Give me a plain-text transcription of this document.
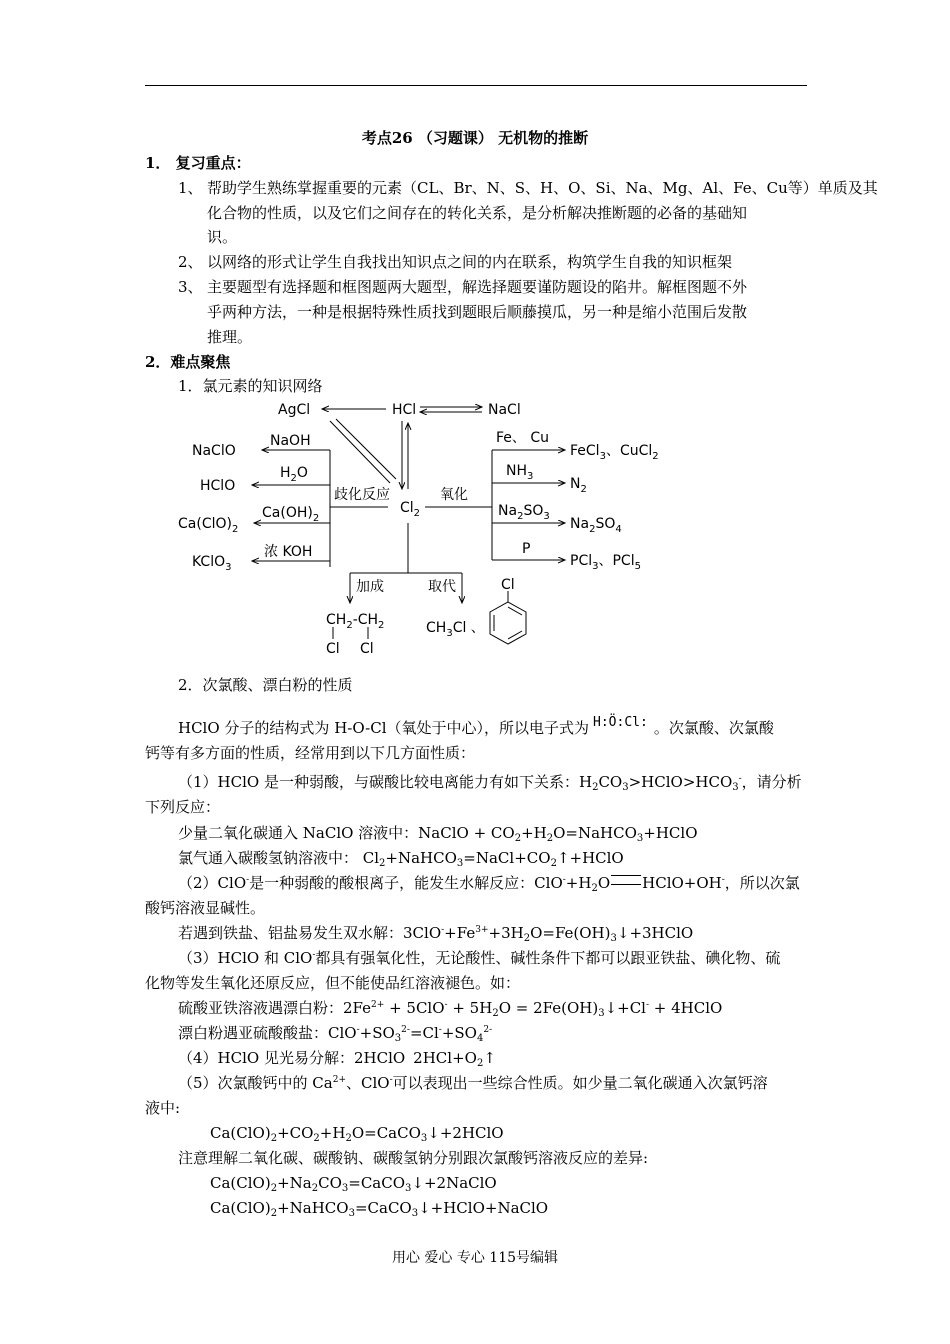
考点26 （习题课） 无机物的推断
1． 复习重点：
1、 帮助学生熟练掌握重要的元素（CL、Br、N、S、H、O、Si、Na、Mg、Al、Fe、Cu等）单质及其
化合物的性质，以及它们之间存在的转化关系，是分析解决推断题的必备的基础知
识。
2、 以网络的形式让学生自我找出知识点之间的内在联系，构筑学生自我的知识框架
3、 主要题型有选择题和框图题两大题型，解选择题要谨防题设的陷井。解框图题不外
乎两种方法，一种是根据特殊性质找到题眼后顺藤摸瓜，另一种是缩小范围后发散
推理。
2．难点聚焦
1．氯元素的知识网络
AgCl	HCl	NaCl
NaClO
NaOH
HClO
$H_2O$
$Ca(ClO)_2$
$Ca(OH)_2$
KClO$_3$
浓 KOH
歧化反应
$Cl_2$
氧化
Fe、 Cu
FeCl$_3$、CuCl$_2$
$NH_3$	$N_2$
$Na_2SO_3$ $Na_2SO_4$
P
PCl$_3$、PCl$_5$
加成	取代
$CH_2-CH_2$
Cl Cl
$CH_3Cl$ 、
Cl
2．次氯酸、漂白粉的性质
HClO 分子的结构式为 H-O-Cl（氧处于中心），所以电子式为 H:Ö:Cl: 。次氯酸、次氯酸
钙等有多方面的性质，经常用到以下几方面性质：
（1）HClO 是一种弱酸，与碳酸比较电离能力有如下关系：$H_2CO_3>HClO>HCO_3^-$，请分析
下列反应：
少量二氧化碳通入 NaClO 溶液中：NaClO + $CO_2+H_2O=NaHCO_3+HClO$
氯气通入碳酸氢钠溶液中： $Cl_2+NaHCO_3=NaCl+CO_2↑+HClO$
（2）ClO-是一种弱酸的酸根离子，能发生水解反应：$ClO^-+H_2O$ HClO+OH-，所以次氯
酸钙溶液显碱性。
若遇到铁盐、铝盐易发生双水解：$3ClO^-+Fe^{3+}+3H_2O=Fe(OH)_3↓+3HClO$
（3）HClO 和 ClO-都具有强氧化性，无论酸性、碱性条件下都可以跟亚铁盐、碘化物、硫
化物等发生氧化还原反应，但不能使品红溶液褪色。如：
硫酸亚铁溶液遇漂白粉：$2Fe^{2+} + 5ClO^- + 5H_2O$ = $2Fe(OH)_3↓+Cl^-$ + 4HClO
漂白粉遇亚硫酸酸盐：$ClO^-+SO_3^{2-}=Cl^-+SO_4^{2-}$
（4）HClO 见光易分解：2HClO $2HCl+O_2↑$
（5）次氯酸钙中的 $Ca^{2+}$、ClO-可以表现出一些综合性质。如少量二氧化碳通入次氯钙溶
液中:
$Ca(ClO)_2+CO_2+H_2O=CaCO_3↓+2HClO$
注意理解二氧化碳、碳酸钠、碳酸氢钠分别跟次氯酸钙溶液反应的差异:
$Ca(ClO)_2+Na_2CO_3=CaCO_3↓+2NaClO$
$Ca(ClO)_2+NaHCO_3=CaCO_3↓+HClO+NaClO$
用心 爱心 专心 115号编辑
